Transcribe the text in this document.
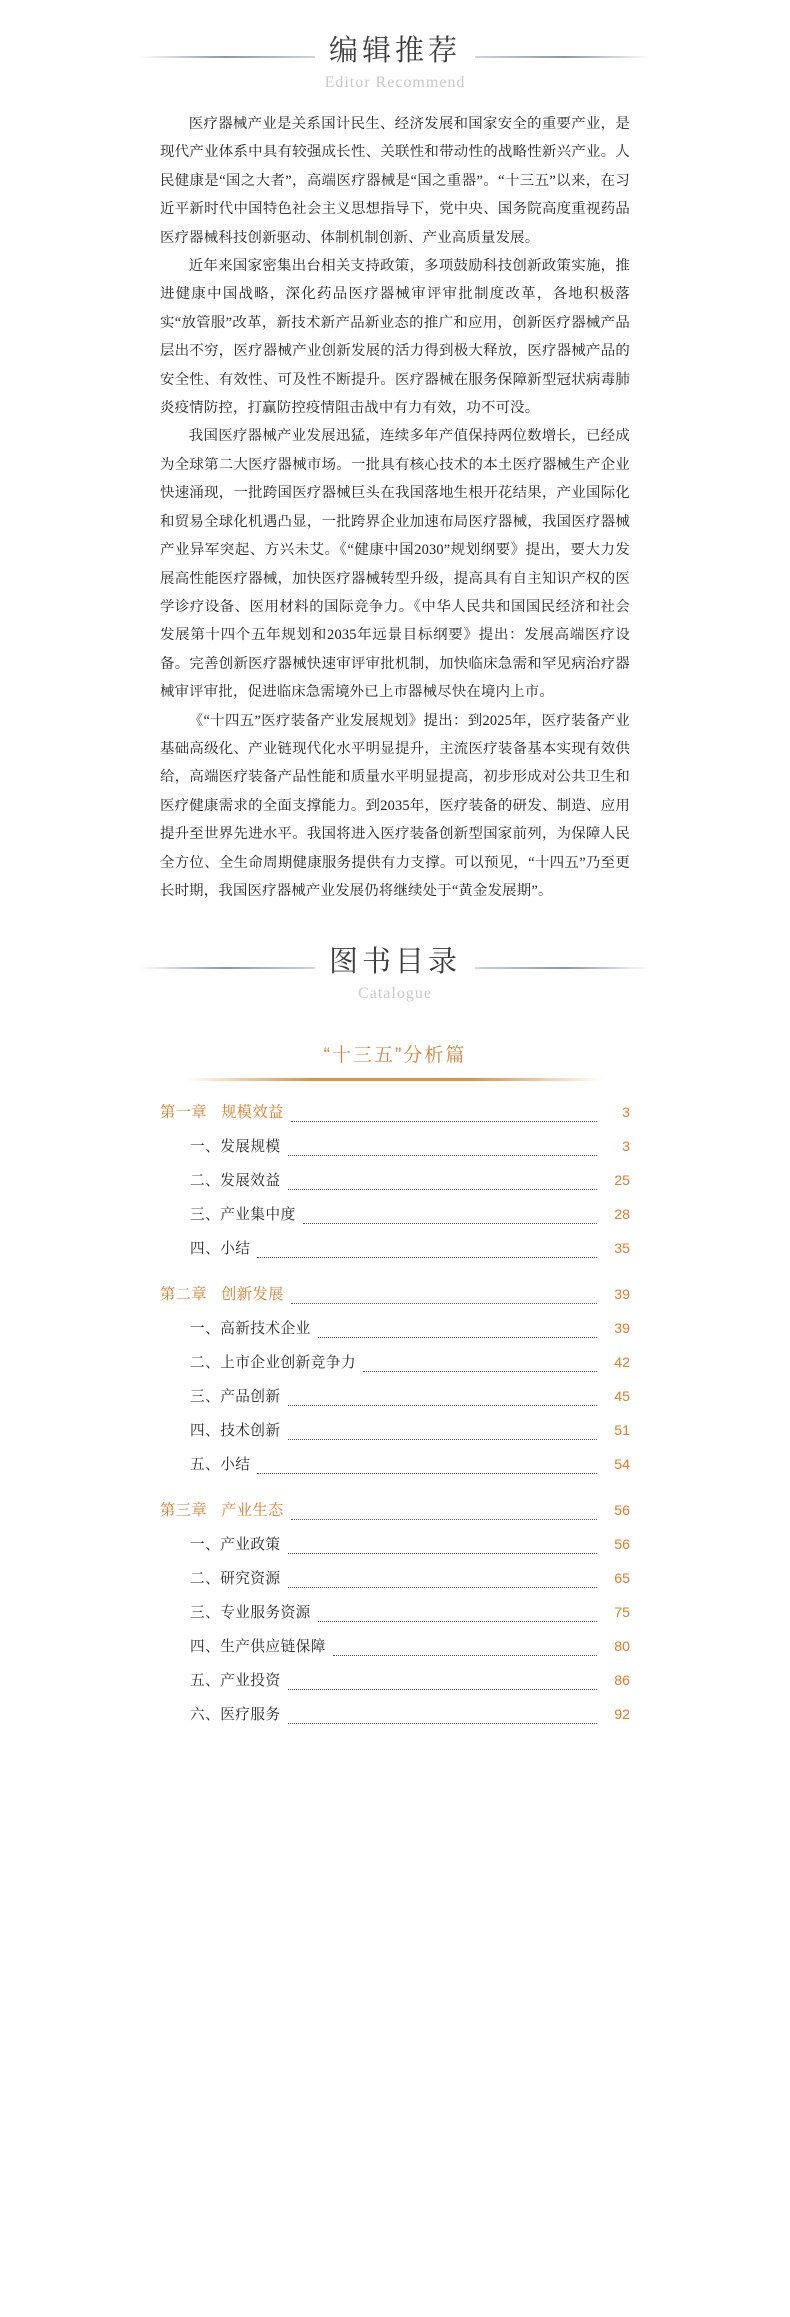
编辑推荐
Editor Recommend

医疗器械产业是关系国计民生、经济发展和国家安全的重要产业，是现代产业体系中具有较强成长性、关联性和带动性的战略性新兴产业。人民健康是“国之大者”，高端医疗器械是“国之重器”。“十三五”以来，在习近平新时代中国特色社会主义思想指导下，党中央、国务院高度重视药品医疗器械科技创新驱动、体制机制创新、产业高质量发展。

近年来国家密集出台相关支持政策，多项鼓励科技创新政策实施，推进健康中国战略，深化药品医疗器械审评审批制度改革，各地积极落实“放管服”改革，新技术新产品新业态的推广和应用，创新医疗器械产品层出不穷，医疗器械产业创新发展的活力得到极大释放，医疗器械产品的安全性、有效性、可及性不断提升。医疗器械在服务保障新型冠状病毒肺炎疫情防控，打赢防控疫情阻击战中有力有效，功不可没。

我国医疗器械产业发展迅猛，连续多年产值保持两位数增长，已经成为全球第二大医疗器械市场。一批具有核心技术的本土医疗器械生产企业快速涌现，一批跨国医疗器械巨头在我国落地生根开花结果，产业国际化和贸易全球化机遇凸显，一批跨界企业加速布局医疗器械，我国医疗器械产业异军突起、方兴未艾。《“健康中国2030”规划纲要》提出，要大力发展高性能医疗器械，加快医疗器械转型升级，提高具有自主知识产权的医学诊疗设备、医用材料的国际竞争力。《中华人民共和国国民经济和社会发展第十四个五年规划和2035年远景目标纲要》提出：发展高端医疗设备。完善创新医疗器械快速审评审批机制，加快临床急需和罕见病治疗器械审评审批，促进临床急需境外已上市器械尽快在境内上市。

《“十四五”医疗装备产业发展规划》提出：到2025年，医疗装备产业基础高级化、产业链现代化水平明显提升，主流医疗装备基本实现有效供给，高端医疗装备产品性能和质量水平明显提高，初步形成对公共卫生和医疗健康需求的全面支撑能力。到2035年，医疗装备的研发、制造、应用提升至世界先进水平。我国将进入医疗装备创新型国家前列，为保障人民全方位、全生命周期健康服务提供有力支撑。可以预见，“十四五”乃至更长时期，我国医疗器械产业发展仍将继续处于“黄金发展期”。

图书目录
Catalogue
“十三五”分析篇
第一章 规模效益	3
一、发展规模	3
二、发展效益	25
三、产业集中度	28
四、小结	35
第二章 创新发展	39
一、高新技术企业	39
二、上市企业创新竞争力	42
三、产品创新	45
四、技术创新	51
五、小结	54
第三章 产业生态	56
一、产业政策	56
二、研究资源	65
三、专业服务资源	75
四、生产供应链保障	80
五、产业投资	86
六、医疗服务	92
